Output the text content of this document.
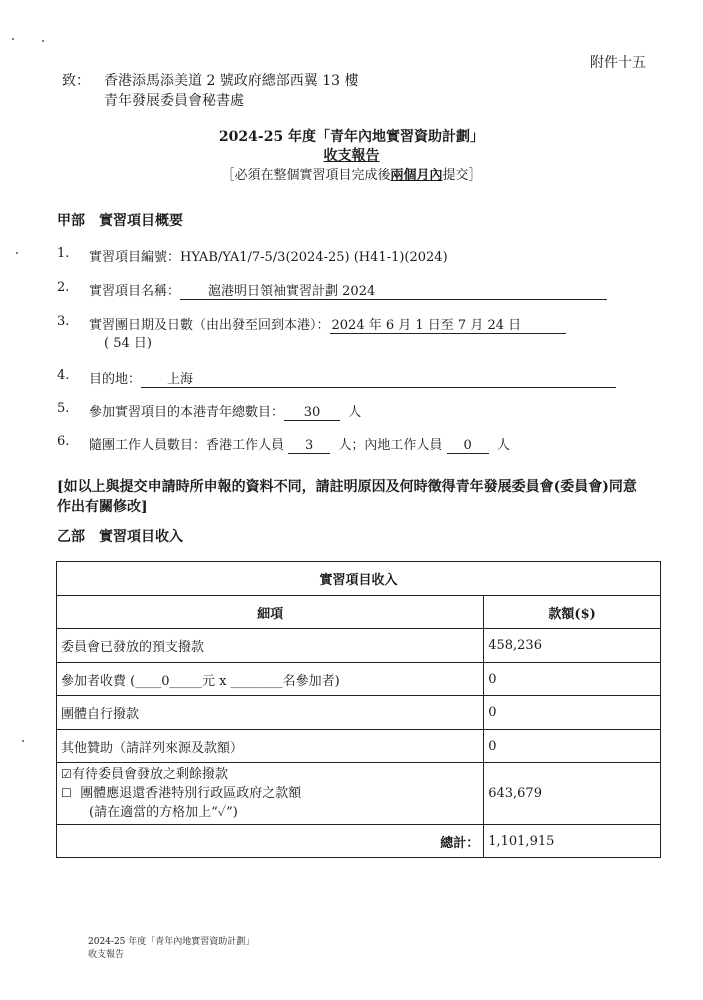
附件十五
致： 香港添馬添美道 2 號政府總部西翼 13 樓
青年發展委員會秘書處
2024-25 年度「青年內地實習資助計劃」
收支報告
［必須在整個實習項目完成後兩個月內提交］
甲部　實習項目概要
1. 實習項目編號：HYAB/YA1/7-5/3(2024-25) (H41-1)(2024)
2. 實習項目名稱： 滬港明日領袖實習計劃 2024
3. 實習團日期及日數（由出發至回到本港）： 2024 年 6 月 1 日至 7 月 24 日
( 54 日)
4. 目的地： 上海
5. 參加實習項目的本港青年總數目： 30 人
6. 隨團工作人員數目：香港工作人員 3 人；內地工作人員 0 人
[如以上與提交申請時所申報的資料不同，請註明原因及何時徵得青年發展委員會(委員會)同意作出有關修改]
乙部　實習項目收入
實習項目收入	
細項	款額($)
委員會已發放的預支撥款	458,236
參加者收費 (____0_____元 x ________名參加者)	0
團體自行撥款	0
其他贊助（請詳列來源及款額）	0

☑有待委員會發放之剩餘撥款
☐ 團體應退還香港特別行政區政府之款額
(請在適當的方格加上“✓”)	643,679
總計：	1,101,915
2024-25 年度「青年內地實習資助計劃」
收支報告
